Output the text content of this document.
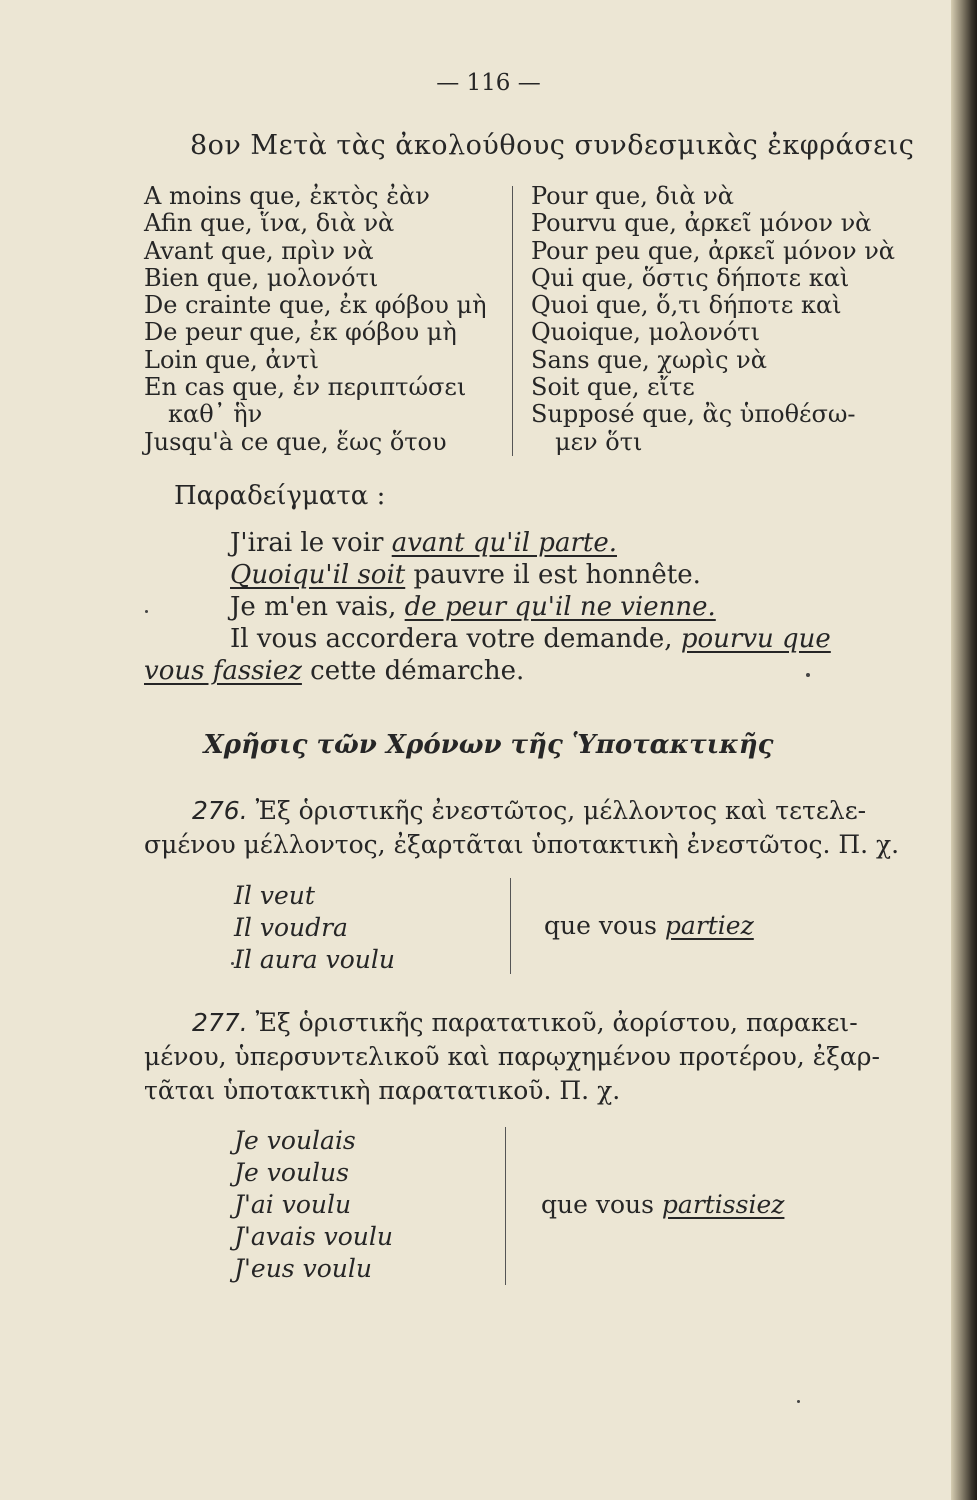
— 116 —
8ον Μετὰ τὰς ἀκολούθους συνδεσμικὰς ἐκφράσεις
A moins que, ἐκτὸς ἐὰν
Afin que, ἵνα, διὰ νὰ
Avant que, πρὶν νὰ
Bien que, μολονότι
De crainte que, ἐκ φόβου μὴ
De peur que, ἐκ φόβου μὴ
Loin que, ἀντὶ
En cas que, ἐν περιπτώσει
καθ᾽ ἣν
Jusqu'à ce que, ἕως ὅτου
Pour que, διὰ νὰ
Pourvu que, ἀρκεῖ μόνον νὰ
Pour peu que, ἀρκεῖ μόνον νὰ
Qui que, ὅστις δήποτε καὶ
Quoi que, ὅ,τι δήποτε καὶ
Quoique, μολονότι
Sans que, χωρὶς νὰ
Soit que, εἴτε
Supposé que, ἂς ὑποθέσω-
μεν ὅτι
Παραδείγματα :
J'irai le voir avant qu'il parte.
Quoiqu'il soit pauvre il est honnête.
Je m'en vais, de peur qu'il ne vienne.
Il vous accordera votre demande, pourvu que
vous fassiez cette démarche.
Χρῆσις τῶν Χρόνων τῆς Ὑποτακτικῆς
276. Ἐξ ὁριστικῆς ἐνεστῶτος, μέλλοντος καὶ τετελε-
σμένου μέλλοντος, ἐξαρτᾶται ὑποτακτικὴ ἐνεστῶτος. Π. χ.
Il veut
Il voudra
Il aura voulu
que vous partiez
277. Ἐξ ὁριστικῆς παρατατικοῦ, ἀορίστου, παρακει-
μένου, ὑπερσυντελικοῦ καὶ παρῳχημένου προτέρου, ἐξαρ-
τᾶται ὑποτακτικὴ παρατατικοῦ. Π. χ.
Je voulais
Je voulus
J'ai voulu
J'avais voulu
J'eus voulu
que vous partissiez
